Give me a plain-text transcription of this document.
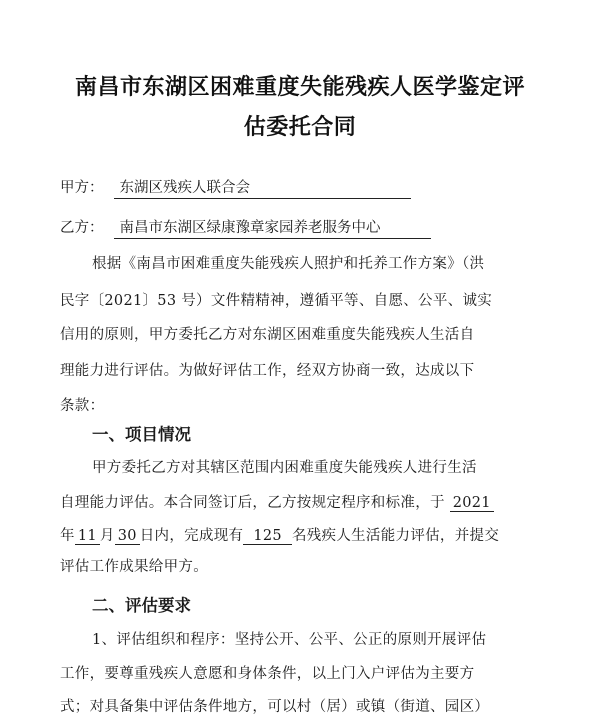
南昌市东湖区困难重度失能残疾人医学鉴定评
估委托合同
甲方： 东湖区残疾人联合会
乙方： 南昌市东湖区绿康豫章家园养老服务中心
根据《南昌市困难重度失能残疾人照护和托养工作方案》（洪
民字〔2021〕53 号）文件精精神，遵循平等、自愿、公平、诚实
信用的原则，甲方委托乙方对东湖区困难重度失能残疾人生活自
理能力进行评估。为做好评估工作，经双方协商一致，达成以下
条款：
一、项目情况
甲方委托乙方对其辖区范围内困难重度失能残疾人进行生活
自理能力评估。本合同签订后，乙方按规定程序和标准，于 2021
年 11 月 30 日内，完成现有 125 名残疾人生活能力评估，并提交
评估工作成果给甲方。
二、评估要求
1、评估组织和程序：坚持公开、公平、公正的原则开展评估
工作，要尊重残疾人意愿和身体条件，以上门入户评估为主要方
式；对具备集中评估条件地方，可以村（居）或镇（街道、园区）
